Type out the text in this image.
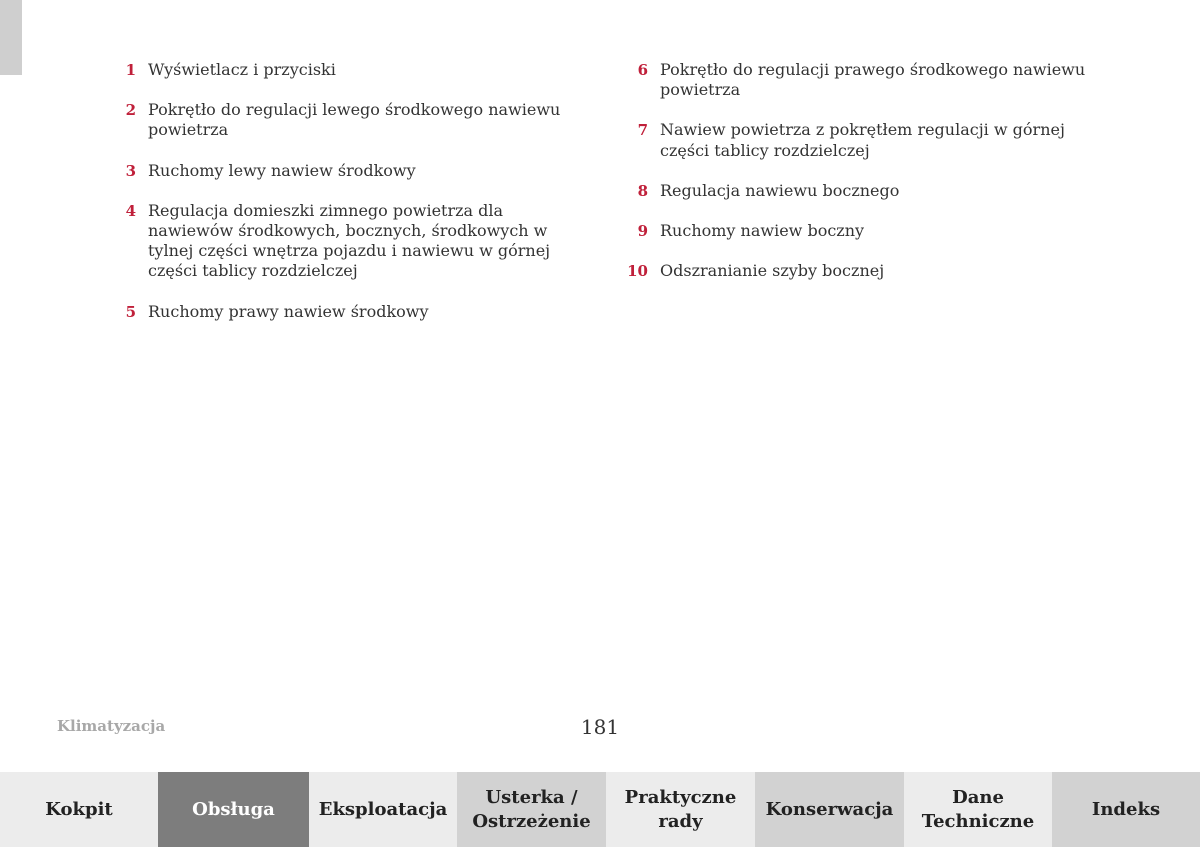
1 Wyświetlacz i przyciski
2 Pokrętło do regulacji lewego środkowego nawiewu powietrza
3 Ruchomy lewy nawiew środkowy
4 Regulacja domieszki zimnego powietrza dla nawiewów środkowych, bocznych, środkowych w tylnej części wnętrza pojazdu i nawiewu w górnej części tablicy rozdzielczej
5 Ruchomy prawy nawiew środkowy
6 Pokrętło do regulacji prawego środkowego nawiewu powietrza
7 Nawiew powietrza z pokrętłem regulacji w górnej części tablicy rozdzielczej
8 Regulacja nawiewu bocznego
9 Ruchomy nawiew boczny
10 Odszranianie szyby bocznej
Klimatyzacja	181
Kokpit	Obsługa Eksploatacja
Usterka /
Ostrzeżenie
Praktyczne
rady
Konserwacja
Dane
Techniczne
Indeks
